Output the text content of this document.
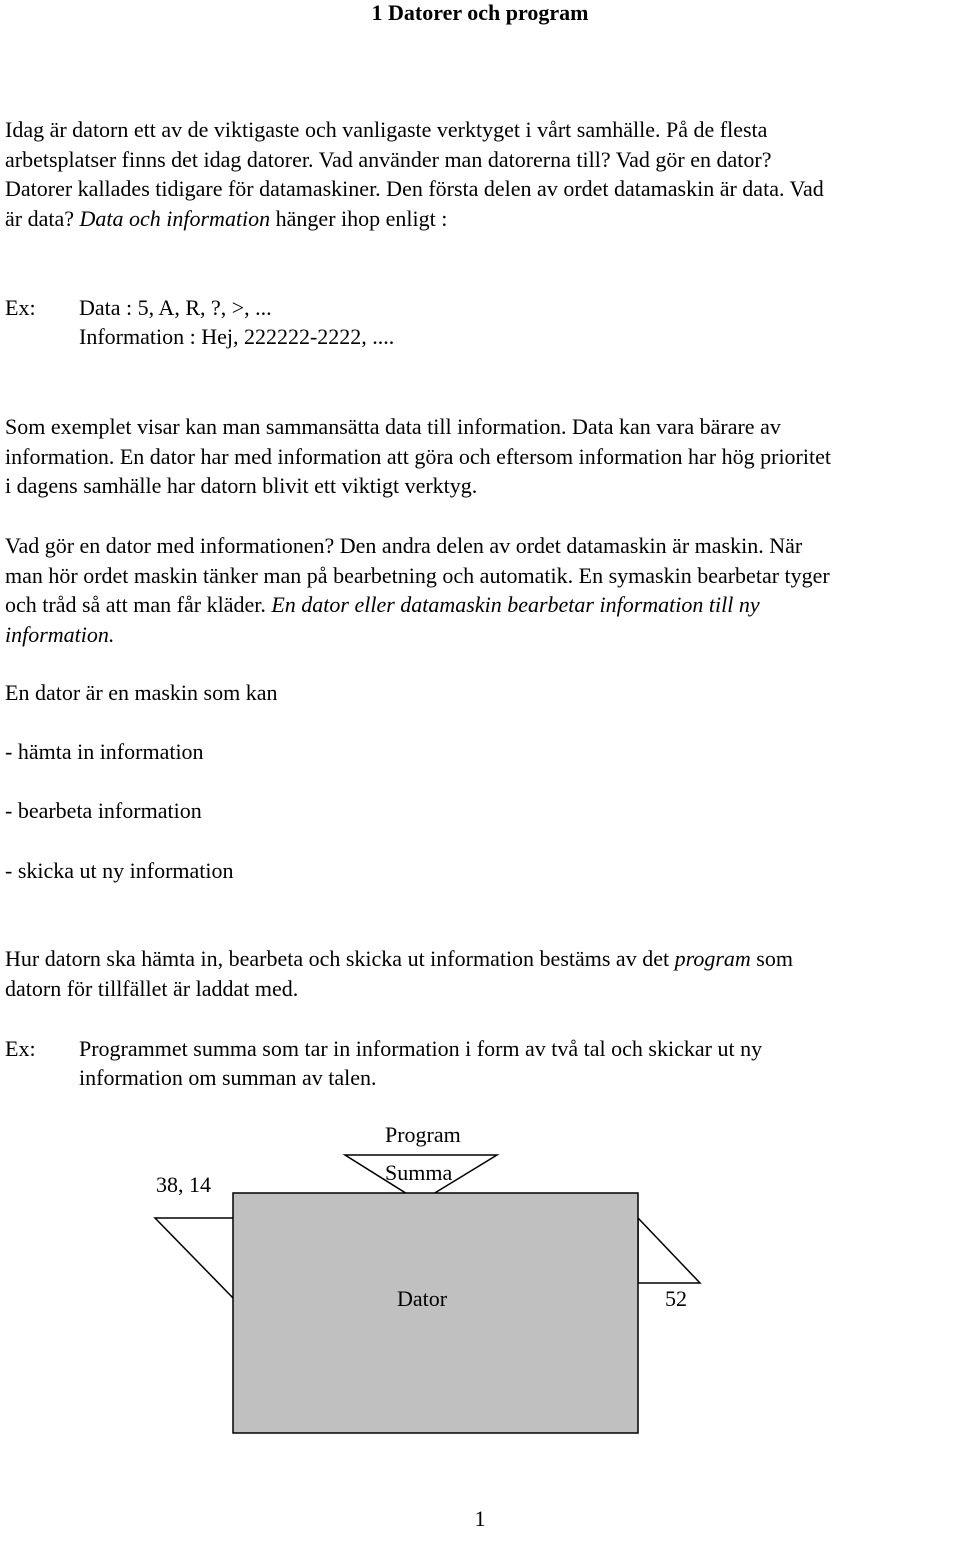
1 Datorer och program
Idag är datorn ett av de viktigaste och vanligaste verktyget i vårt samhälle. På de flesta
arbetsplatser finns det idag datorer. Vad använder man datorerna till? Vad gör en dator?
Datorer kallades tidigare för datamaskiner. Den första delen av ordet datamaskin är data. Vad
är data? Data och information hänger ihop enligt :
Ex: Data : 5, A, R, ?, >, ...
Information : Hej, 222222-2222, ....
Som exemplet visar kan man sammansätta data till information. Data kan vara bärare av
information. En dator har med information att göra och eftersom information har hög prioritet
i dagens samhälle har datorn blivit ett viktigt verktyg.
Vad gör en dator med informationen? Den andra delen av ordet datamaskin är maskin. När
man hör ordet maskin tänker man på bearbetning och automatik. En symaskin bearbetar tyger
och tråd så att man får kläder. En dator eller datamaskin bearbetar information till ny
information.
En dator är en maskin som kan
- hämta in information
- bearbeta information
- skicka ut ny information
Hur datorn ska hämta in, bearbeta och skicka ut information bestäms av det program som
datorn för tillfället är laddat med.
Ex: Programmet summa som tar in information i form av två tal och skickar ut ny
information om summan av talen.
Program
Summa
38, 14
Dator	52
1
